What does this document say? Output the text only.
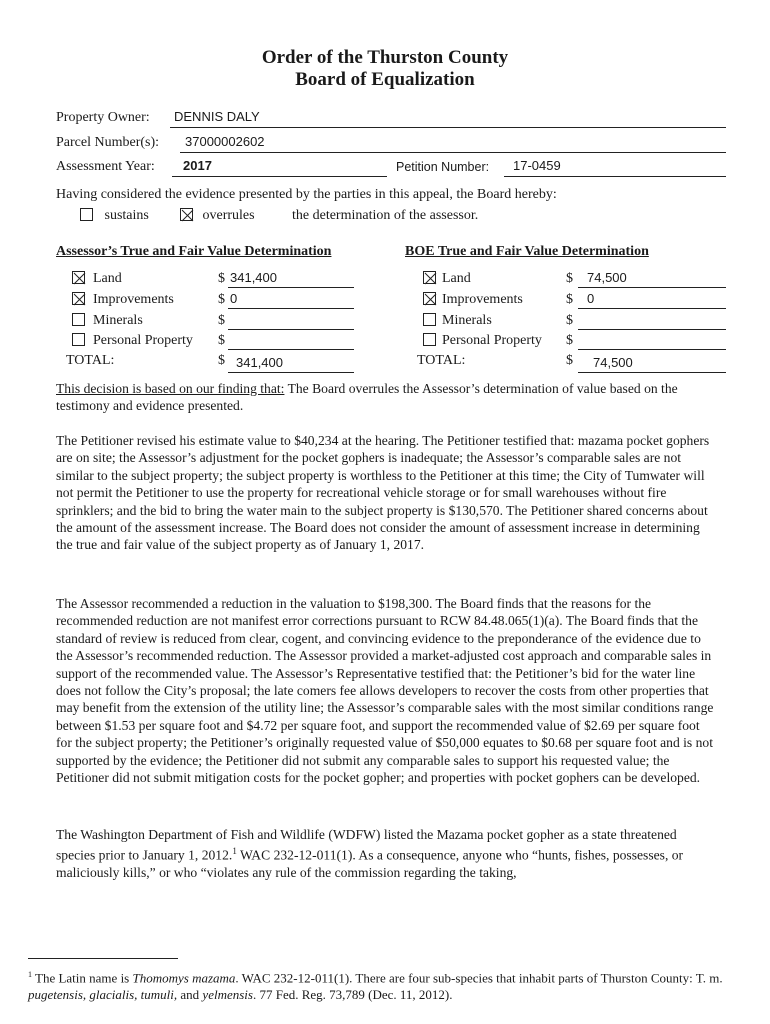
Order of the Thurston County
Board of Equalization
Property Owner: DENNIS DALY
Parcel Number(s): 37000002602
Assessment Year: 2017	Petition Number: 17-0459
Having considered the evidence presented by the parties in this appeal, the Board hereby:
sustains	overrules	the determination of the assessor.
Assessor’s True and Fair Value Determination
Land	$ 341,400
Improvements	$ 0
Minerals	$
Personal Property $
TOTAL:	$ 341,400
BOE True and Fair Value Determination
Land	$ 74,500
Improvements	$ 0
Minerals	$
Personal Property $
TOTAL:	$ 74,500
This decision is based on our finding that: The Board overrules the Assessor’s determination of value based on the testimony and evidence presented.
The Petitioner revised his estimate value to $40,234 at the hearing. The Petitioner testified that: mazama pocket gophers are on site; the Assessor’s adjustment for the pocket gophers is inadequate; the Assessor’s comparable sales are not similar to the subject property; the subject property is worthless to the Petitioner at this time; the City of Tumwater will not permit the Petitioner to use the property for recreational vehicle storage or for small warehouses without fire sprinklers; and the bid to bring the water main to the subject property is $130,570. The Petitioner shared concerns about the amount of the assessment increase. The Board does not consider the amount of assessment increase in determining the true and fair value of the subject property as of January 1, 2017.
The Assessor recommended a reduction in the valuation to $198,300. The Board finds that the reasons for the recommended reduction are not manifest error corrections pursuant to RCW 84.48.065(1)(a). The Board finds that the standard of review is reduced from clear, cogent, and convincing evidence to the preponderance of the evidence due to the Assessor’s recommended reduction. The Assessor provided a market-adjusted cost approach and comparable sales in support of the recommended value. The Assessor’s Representative testified that: the Petitioner’s bid for the water line does not follow the City’s proposal; the late comers fee allows developers to recover the costs from other properties that may benefit from the extension of the utility line; the Assessor’s comparable sales with the most similar conditions range between $1.53 per square foot and $4.72 per square foot, and support the recommended value of $2.69 per square foot for the subject property; the Petitioner’s originally requested value of $50,000 equates to $0.68 per square foot and is not supported by the evidence; the Petitioner did not submit any comparable sales to support his requested value; the Petitioner did not submit mitigation costs for the pocket gopher; and properties with pocket gophers can be developed.
The Washington Department of Fish and Wildlife (WDFW) listed the Mazama pocket gopher as a state threatened species prior to January 1, 2012.$^1$ WAC 232-12-011(1). As a consequence, anyone who “hunts, fishes, possesses, or maliciously kills,” or who “violates any rule of the commission regarding the taking,
$^1$ The Latin name is Thomomys mazama. WAC 232-12-011(1). There are four sub-species that inhabit parts of Thurston County: T. m. pugetensis, glacialis, tumuli, and yelmensis. 77 Fed. Reg. 73,789 (Dec. 11, 2012).
